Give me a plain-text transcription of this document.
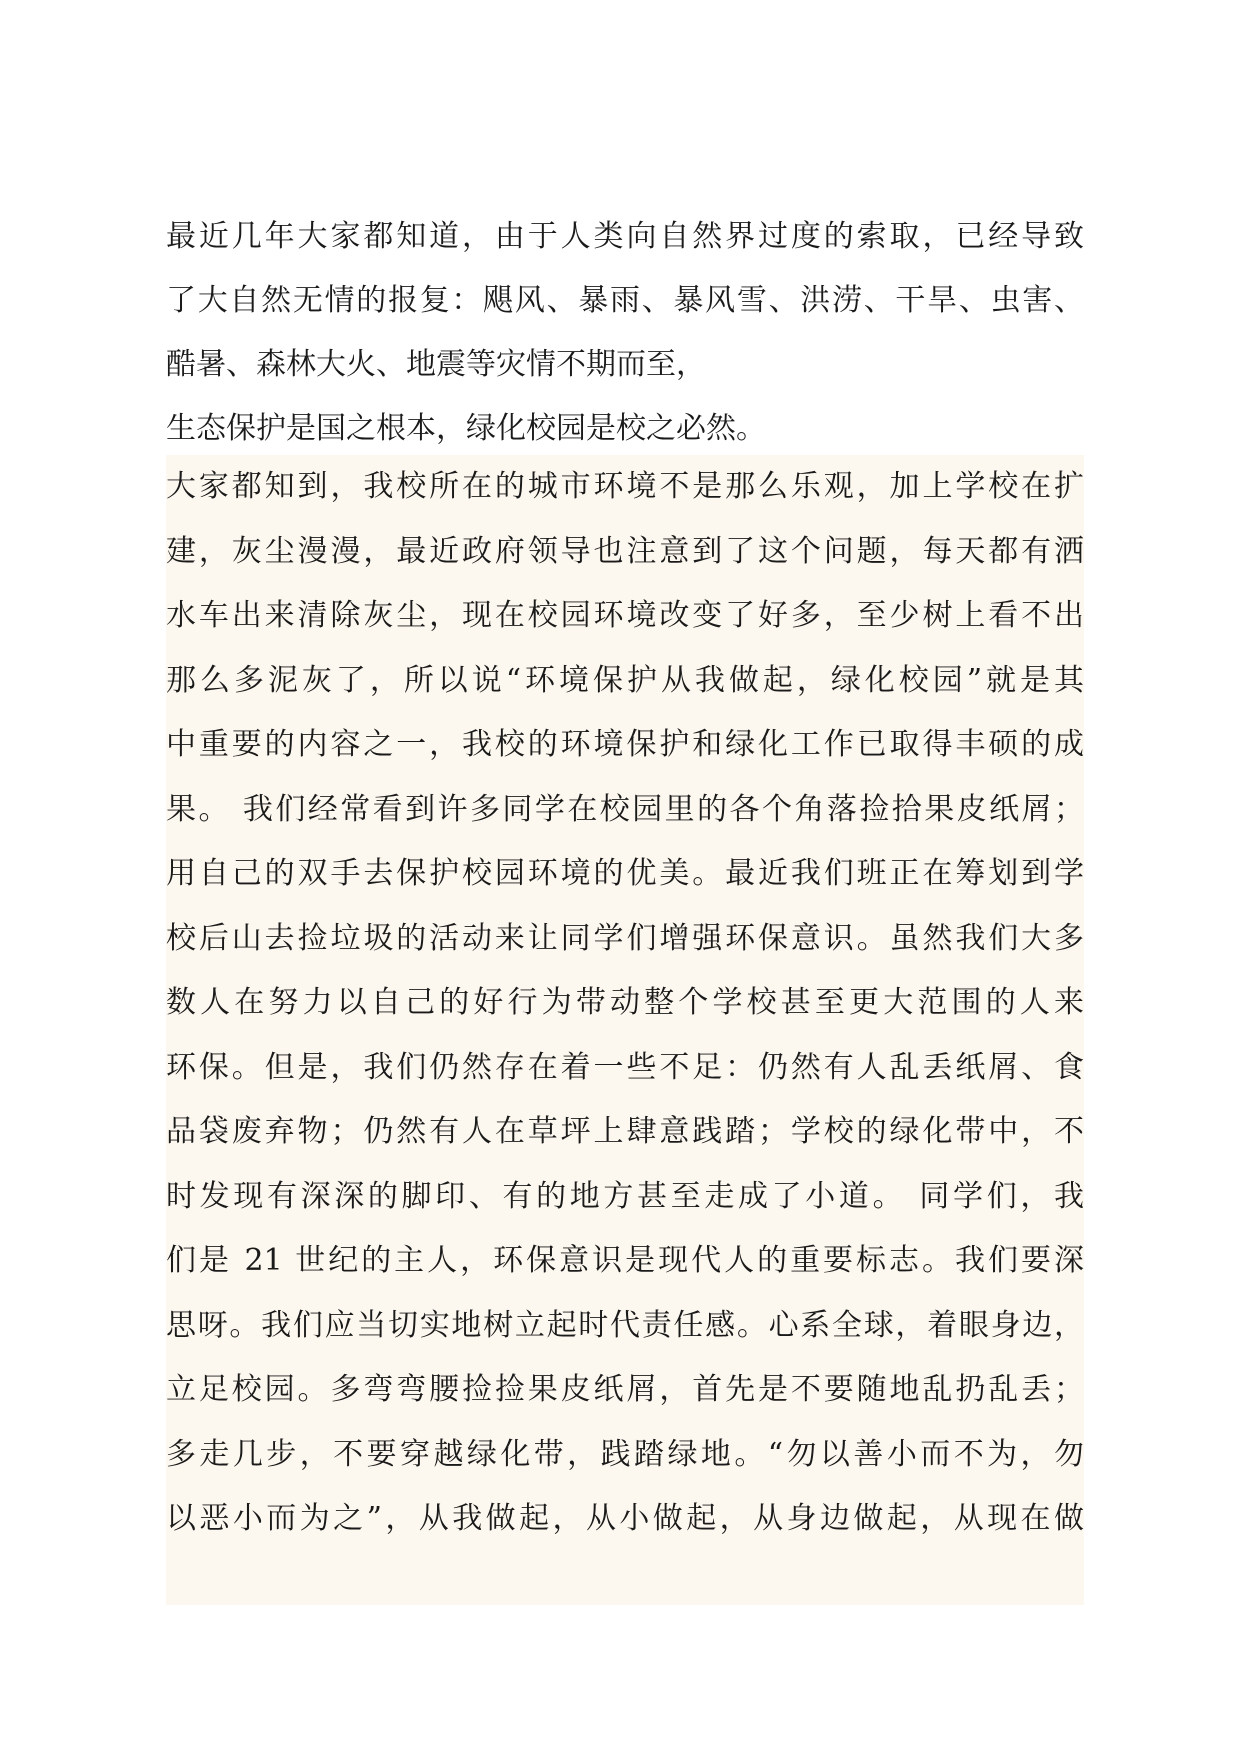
最近几年大家都知道，由于人类向自然界过度的索取，已经导致
了大自然无情的报复：飓风、暴雨、暴风雪、洪涝、干旱、虫害、
酷暑、森林大火、地震等灾情不期而至，
生态保护是国之根本，绿化校园是校之必然。
大家都知到，我校所在的城市环境不是那么乐观，加上学校在扩
建，灰尘漫漫，最近政府领导也注意到了这个问题，每天都有洒
水车出来清除灰尘，现在校园环境改变了好多，至少树上看不出
那么多泥灰了，所以说“环境保护从我做起，绿化校园”就是其
中重要的内容之一，我校的环境保护和绿化工作已取得丰硕的成
果。 我们经常看到许多同学在校园里的各个角落捡拾果皮纸屑；
用自己的双手去保护校园环境的优美。最近我们班正在筹划到学
校后山去捡垃圾的活动来让同学们增强环保意识。虽然我们大多
数人在努力以自己的好行为带动整个学校甚至更大范围的人来
环保。但是，我们仍然存在着一些不足：仍然有人乱丢纸屑、食
品袋废弃物；仍然有人在草坪上肆意践踏；学校的绿化带中，不
时发现有深深的脚印、有的地方甚至走成了小道。 同学们，我
们是 21 世纪的主人，环保意识是现代人的重要标志。我们要深
思呀。我们应当切实地树立起时代责任感。心系全球，着眼身边，
立足校园。多弯弯腰捡捡果皮纸屑，首先是不要随地乱扔乱丢；
多走几步，不要穿越绿化带，践踏绿地。“勿以善小而不为，勿
以恶小而为之”，从我做起，从小做起，从身边做起，从现在做
